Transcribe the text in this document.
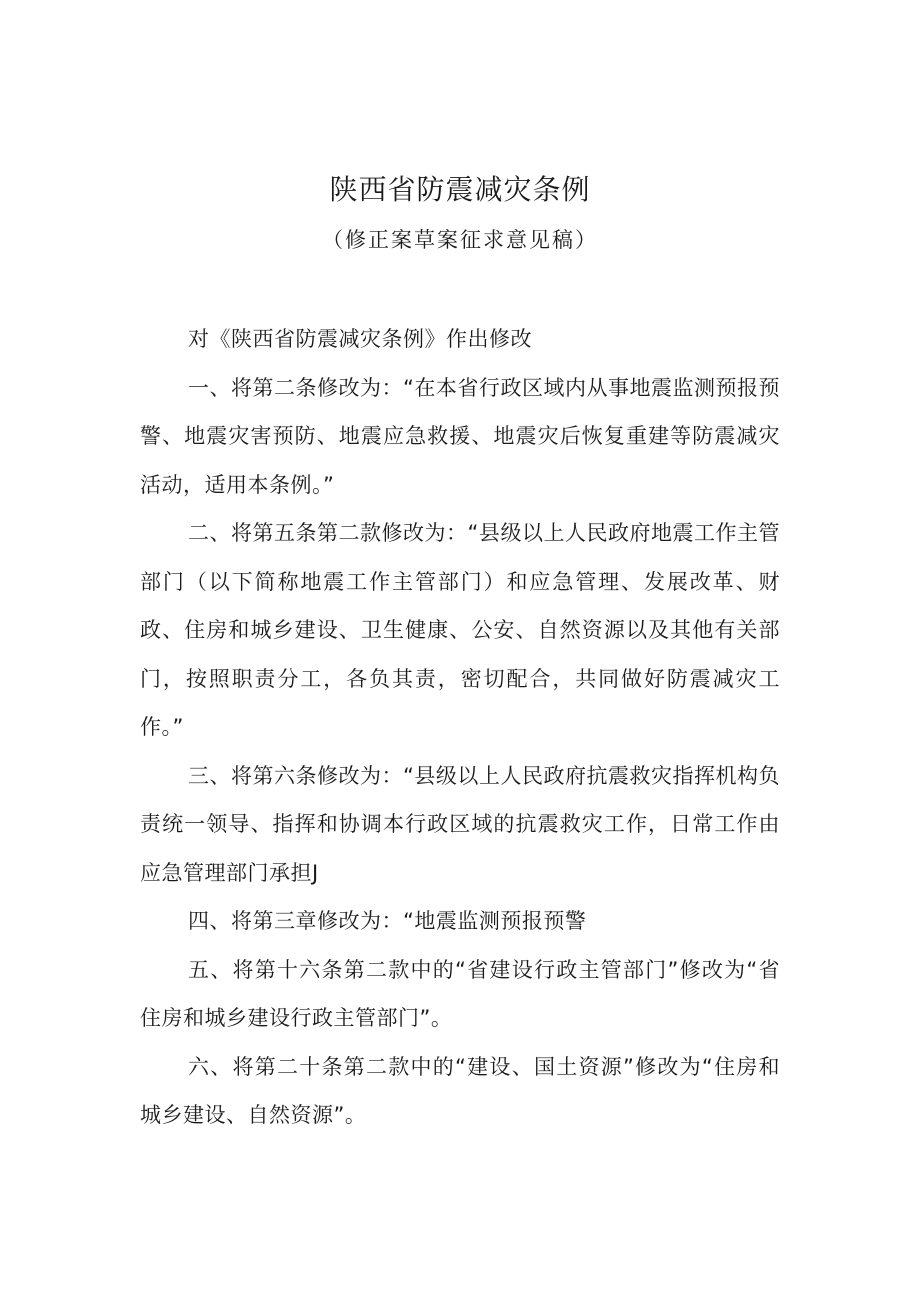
陕西省防震减灾条例
（修正案草案征求意见稿）

对《陕西省防震减灾条例》作出修改

一、将第二条修改为：“在本省行政区域内从事地震监测预报预警、地震灾害预防、地震应急救援、地震灾后恢复重建等防震减灾活动，适用本条例。”

二、将第五条第二款修改为：“县级以上人民政府地震工作主管部门（以下简称地震工作主管部门）和应急管理、发展改革、财政、住房和城乡建设、卫生健康、公安、自然资源以及其他有关部门，按照职责分工，各负其责，密切配合，共同做好防震减灾工作。”

三、将第六条修改为：“县级以上人民政府抗震救灾指挥机构负责统一领导、指挥和协调本行政区域的抗震救灾工作，日常工作由应急管理部门承担J

四、将第三章修改为：“地震监测预报预警

五、将第十六条第二款中的“省建设行政主管部门”修改为“省住房和城乡建设行政主管部门”。

六、将第二十条第二款中的“建设、国土资源”修改为“住房和城乡建设、自然资源”。
